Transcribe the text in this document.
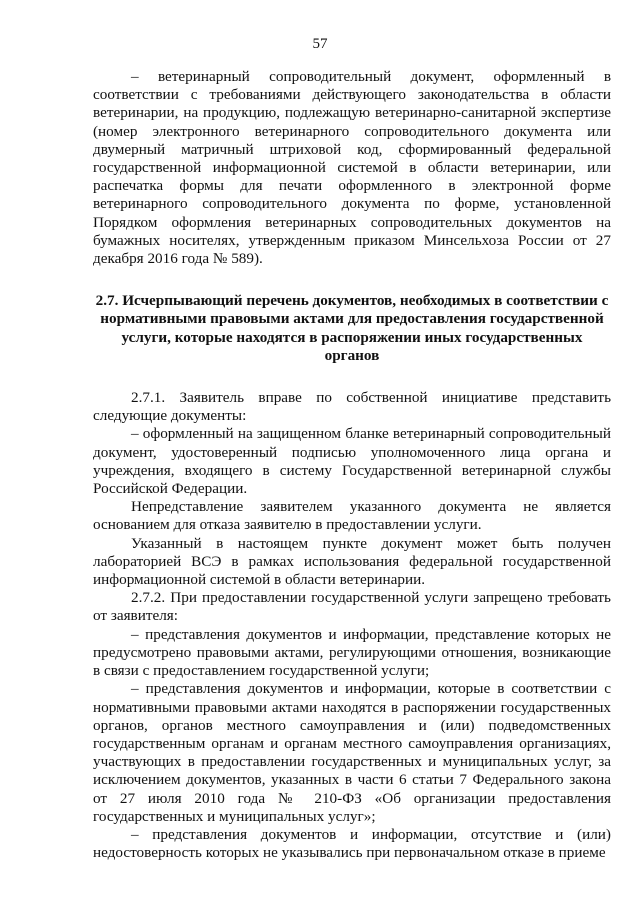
57

– ветеринарный сопроводительный документ, оформленный в соответствии с требованиями действующего законодательства в области ветеринарии, на продукцию, подлежащую ветеринарно-санитарной экспертизе (номер электронного ветеринарного сопроводительного документа или двумерный матричный штриховой код, сформированный федеральной государственной информационной системой в области ветеринарии, или распечатка формы для печати оформленного в электронной форме ветеринарного сопроводительного документа по форме, установленной Порядком оформления ветеринарных сопроводительных документов на бумажных носителях, утвержденным приказом Минсельхоза России от 27 декабря 2016 года № 589).

2.7. Исчерпывающий перечень документов, необходимых в соответствии с нормативными правовыми актами для предоставления государственной услуги, которые находятся в распоряжении иных государственных органов

2.7.1. Заявитель вправе по собственной инициативе представить следующие документы:

– оформленный на защищенном бланке ветеринарный сопроводительный документ, удостоверенный подписью уполномоченного лица органа и учреждения, входящего в систему Государственной ветеринарной службы Российской Федерации.

Непредставление заявителем указанного документа не является основанием для отказа заявителю в предоставлении услуги.

Указанный в настоящем пункте документ может быть получен лабораторией ВСЭ в рамках использования федеральной государственной информационной системой в области ветеринарии.

2.7.2. При предоставлении государственной услуги запрещено требовать от заявителя:

– представления документов и информации, представление которых не предусмотрено правовыми актами, регулирующими отношения, возникающие в связи с предоставлением государственной услуги;

– представления документов и информации, которые в соответствии с нормативными правовыми актами находятся в распоряжении государственных органов, органов местного самоуправления и (или) подведомственных государственным органам и органам местного самоуправления организациях, участвующих в предоставлении государственных и муниципальных услуг, за исключением документов, указанных в части 6 статьи 7 Федерального закона от 27 июля 2010 года № 210-ФЗ «Об организации предоставления государственных и муниципальных услуг»;

– представления документов и информации, отсутствие и (или) недостоверность которых не указывались при первоначальном отказе в приеме
